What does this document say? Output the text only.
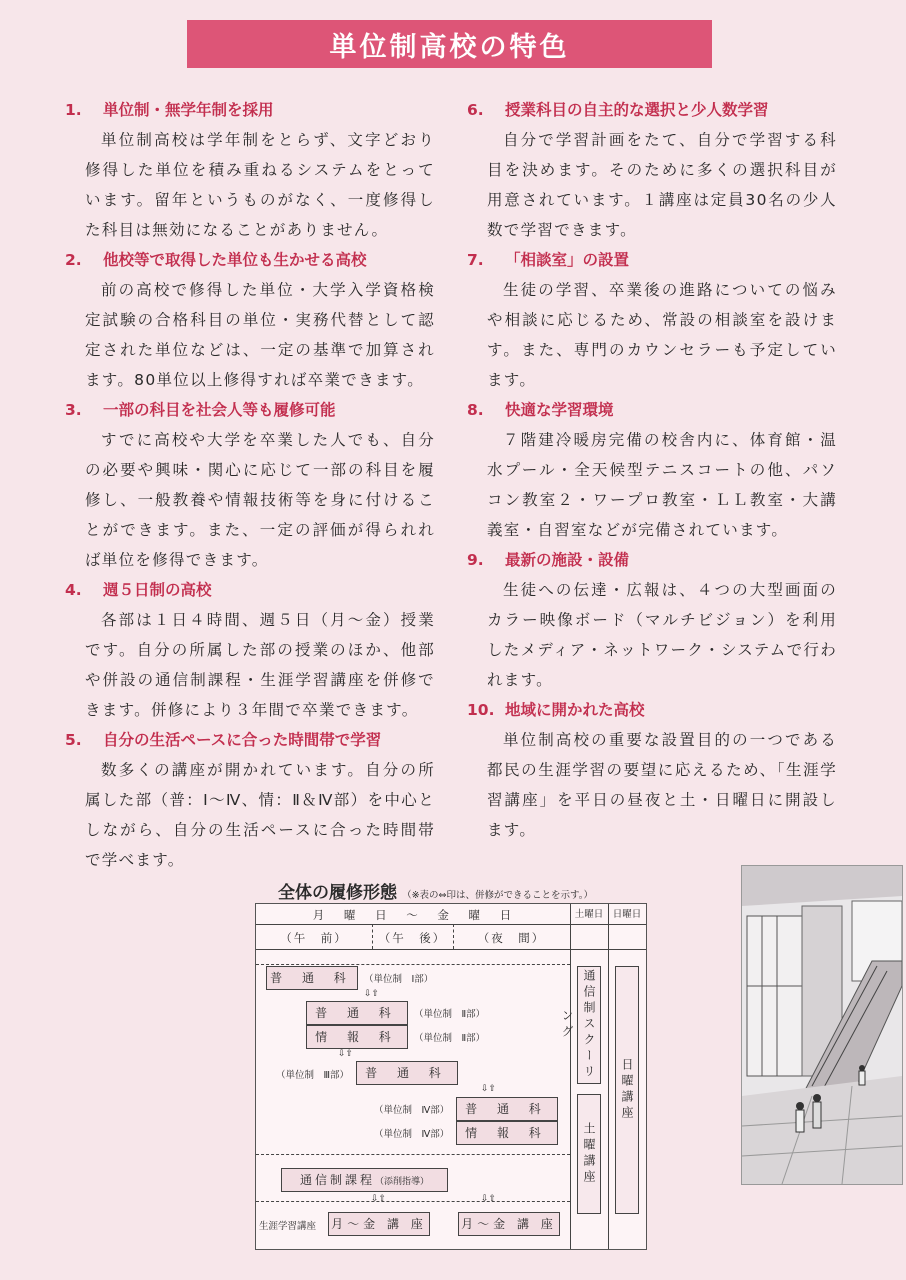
単位制高校の特色
1. 単位制・無学年制を採用
単位制高校は学年制をとらず、文字どおり修得した単位を積み重ねるシステムをとっています。留年というものがなく、一度修得した科目は無効になることがありません。
2. 他校等で取得した単位も生かせる高校
前の高校で修得した単位・大学入学資格検定試験の合格科目の単位・実務代替として認定された単位などは、一定の基準で加算されます。80単位以上修得すれば卒業できます。
3. 一部の科目を社会人等も履修可能
すでに高校や大学を卒業した人でも、自分の必要や興味・関心に応じて一部の科目を履修し、一般教養や情報技術等を身に付けることができます。また、一定の評価が得られれば単位を修得できます。
4. 週５日制の高校
各部は１日４時間、週５日（月～金）授業です。自分の所属した部の授業のほか、他部や併設の通信制課程・生涯学習講座を併修できます。併修により３年間で卒業できます。
5. 自分の生活ペースに合った時間帯で学習
数多くの講座が開かれています。自分の所属した部（普：Ⅰ～Ⅳ、情：Ⅱ＆Ⅳ部）を中心としながら、自分の生活ペースに合った時間帯で学べます。
6. 授業科目の自主的な選択と少人数学習
自分で学習計画をたて、自分で学習する科目を決めます。そのために多くの選択科目が用意されています。１講座は定員30名の少人数で学習できます。
7. 「相談室」の設置
生徒の学習、卒業後の進路についての悩みや相談に応じるため、常設の相談室を設けます。また、専門のカウンセラーも予定しています。
8. 快適な学習環境
７階建冷暖房完備の校舎内に、体育館・温水プール・全天候型テニスコートの他、パソコン教室２・ワープロ教室・ＬＬ教室・大講義室・自習室などが完備されています。
9. 最新の施設・設備
生徒への伝達・広報は、４つの大型画面のカラー映像ボード（マルチビジョン）を利用したメディア・ネットワーク・システムで行われます。
10. 地域に開かれた高校
単位制高校の重要な設置目的の一つである都民の生涯学習の要望に応えるため、「生涯学習講座」を平日の昼夜と土・日曜日に開設します。
全体の履修形態 （※表の⇔印は、併修ができることを示す。）
月 曜 日 ～ 金 曜 日	土曜日 日曜日
（午　前）	（午　後）	（夜　間）
普 通 科	（単位制　Ⅰ部）
⇩⇧
普 通 科
情 報 科
（単位制　Ⅱ部）
（単位制　Ⅱ部）
⇩⇧
（単位制　Ⅲ部）	普 通 科
⇩⇧
普 通 科
情 報 科
（単位制　Ⅳ部）
（単位制　Ⅳ部）
通信制課程（添削指導）
⇩⇧	⇩⇧
生涯学習講座 月～金 講 座	月～金 講 座
通信制スクーリング
土曜講座
日曜講座
